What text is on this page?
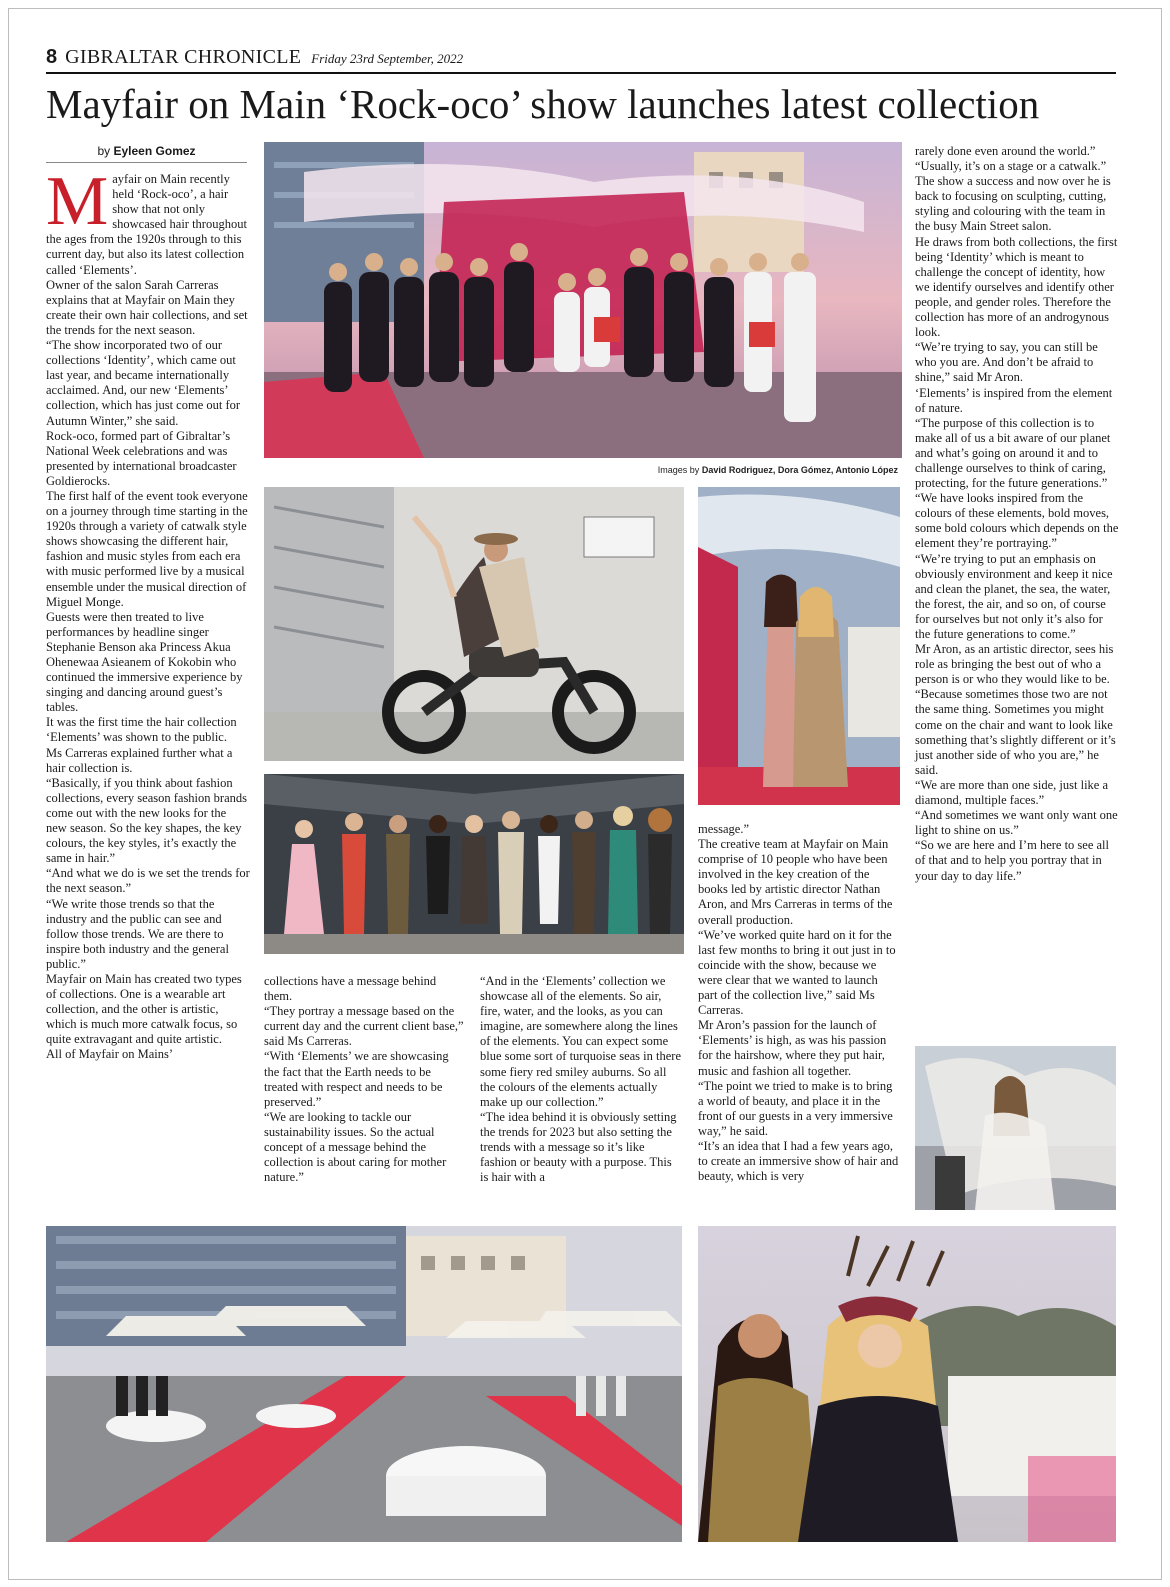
8 GIBRALTAR CHRONICLE Friday 23rd September, 2022
Mayfair on Main ‘Rock-oco’ show launches latest collection
by Eyleen Gomez

Mayfair on Main recently held ‘Rock-oco’, a hair show that not only showcased hair throughout the ages from the 1920s through to this current day, but also its latest collection called ‘Elements’.

Owner of the salon Sarah Carreras explains that at Mayfair on Main they create their own hair collections, and set the trends for the next season.

“The show incorporated two of our collections ‘Identity’, which came out last year, and became internationally acclaimed. And, our new ‘Elements’ collection, which has just come out for Autumn Winter,” she said.

Rock-oco, formed part of Gibraltar’s National Week celebrations and was presented by international broadcaster Goldierocks.

The first half of the event took everyone on a journey through time starting in the 1920s through a variety of catwalk style shows showcasing the different hair, fashion and music styles from each era with music performed live by a musical ensemble under the musical direction of Miguel Monge.

Guests were then treated to live performances by headline singer Stephanie Benson aka Princess Akua Ohenewaa Asieanem of Kokobin who continued the immersive experience by singing and dancing around guest’s tables.

It was the first time the hair collection ‘Elements’ was shown to the public.

Ms Carreras explained further what a hair collection is.

“Basically, if you think about fashion collections, every season fashion brands come out with the new looks for the new season. So the key shapes, the key colours, the key styles, it’s exactly the same in hair.”

“And what we do is we set the trends for the next season.”

“We write those trends so that the industry and the public can see and follow those trends. We are there to inspire both industry and the general public.”

Mayfair on Main has created two types of collections. One is a wearable art collection, and the other is artistic, which is much more catwalk focus, so quite extravagant and quite artistic.

All of Mayfair on Mains’

collections have a message behind them.

“They portray a message based on the current day and the current client base,” said Ms Carreras.

“With ‘Elements’ we are showcasing the fact that the Earth needs to be treated with respect and needs to be preserved.”

“We are looking to tackle our sustainability issues. So the actual concept of a message behind the collection is about caring for mother nature.”

“And in the ‘Elements’ collection we showcase all of the elements. So air, fire, water, and the looks, as you can imagine, are somewhere along the lines of the elements. You can expect some blue some sort of turquoise seas in there some fiery red smiley auburns. So all the colours of the elements actually make up our collection.”

“The idea behind it is obviously setting the trends for 2023 but also setting the trends with a message so it’s like fashion or beauty with a purpose. This is hair with a

message.”

The creative team at Mayfair on Main comprise of 10 people who have been involved in the key creation of the books led by artistic director Nathan Aron, and Mrs Carreras in terms of the overall production.

“We’ve worked quite hard on it for the last few months to bring it out just in to coincide with the show, because we were clear that we wanted to launch part of the collection live,” said Ms Carreras.

Mr Aron’s passion for the launch of ‘Elements’ is high, as was his passion for the hairshow, where they put hair, music and fashion all together.

“The point we tried to make is to bring a world of beauty, and place it in the front of our guests in a very immersive way,” he said.

“It’s an idea that I had a few years ago, to create an immersive show of hair and beauty, which is very

rarely done even around the world.”

“Usually, it’s on a stage or a catwalk.”

The show a success and now over he is back to focusing on sculpting, cutting, styling and colouring with the team in the busy Main Street salon.

He draws from both collections, the first being ‘Identity’ which is meant to challenge the concept of identity, how we identify ourselves and identify other people, and gender roles. Therefore the collection has more of an androgynous look.

“We’re trying to say, you can still be who you are. And don’t be afraid to shine,” said Mr Aron.

‘Elements’ is inspired from the element of nature.

“The purpose of this collection is to make all of us a bit aware of our planet and what’s going on around it and to challenge ourselves to think of caring, protecting, for the future generations.”

“We have looks inspired from the colours of these elements, bold moves, some bold colours which depends on the element they’re portraying.”

“We’re trying to put an emphasis on obviously environment and keep it nice and clean the planet, the sea, the water, the forest, the air, and so on, of course for ourselves but not only it’s also for the future generations to come.”

Mr Aron, as an artistic director, sees his role as bringing the best out of who a person is or who they would like to be.

“Because sometimes those two are not the same thing. Sometimes you might come on the chair and want to look like something that’s slightly different or it’s just another side of who you are,” he said.

“We are more than one side, just like a diamond, multiple faces.”

“And sometimes we want only want one light to shine on us.”

“So we are here and I’m here to see all of that and to help you portray that in your day to day life.”

Images by David Rodriguez, Dora Gómez, Antonio López
